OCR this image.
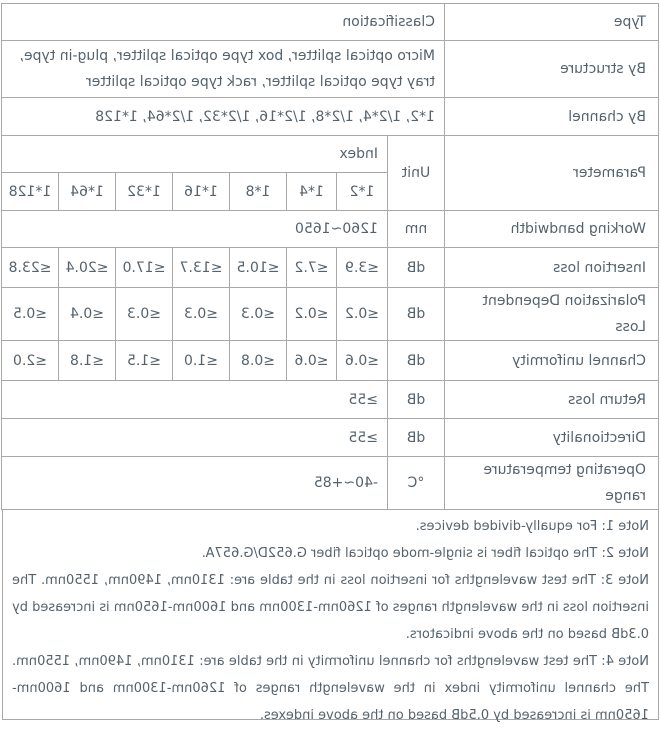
Type	Classification
By structure	Micro optical splitter, box type optical splitter, plug-in type, tray type optical splitter, rack type optical splitter
By channel	1*2, 1/2*4, 1/2*8, 1/2*16, 1/2*32, 1/2*64, 1*128
Parameter	Unit	Index						
		1*2	1*4	1*8	1*16	1*32	1*64	1*128
Working bandwidth	nm	1260~1650						
Insertion loss	dB	≤3.9	≤7.2	≤10.5	≤13.7	≤17.0	≤20.4	≤23.8
Polarization Dependent Loss	dB	≤0.2	≤0.2	≤0.3	≤0.3	≤0.3	≤0.4	≤0.5
Channel uniformity	dB	≤0.6	≤0.6	≤0.8	≤1.0	≤1.5	≤1.8	≤2.0
Return loss	dB	≥55
Directionality	dB	≥55
Operating temperature range	°C	-40~+85

Note 1: For equally-divided devices.

Note 2: The optical fiber is single-mode optical fiber G.652D/G.657A.

Note 3: The test wavelengths for insertion loss in the table are: 1310nm, 1490nm, 1550nm. The insertion loss in the wavelength ranges of 1260nm-1300nm and 1600nm-1650nm is increased by 0.3dB based on the above indicators.

Note 4: The test wavelengths for channel uniformity in the table are: 1310nm, 1490nm, 1550nm. The channel uniformity index in the wavelength ranges of 1260nm-1300nm and 1600nm-1650nm is increased by 0.5dB based on the above indexes.
